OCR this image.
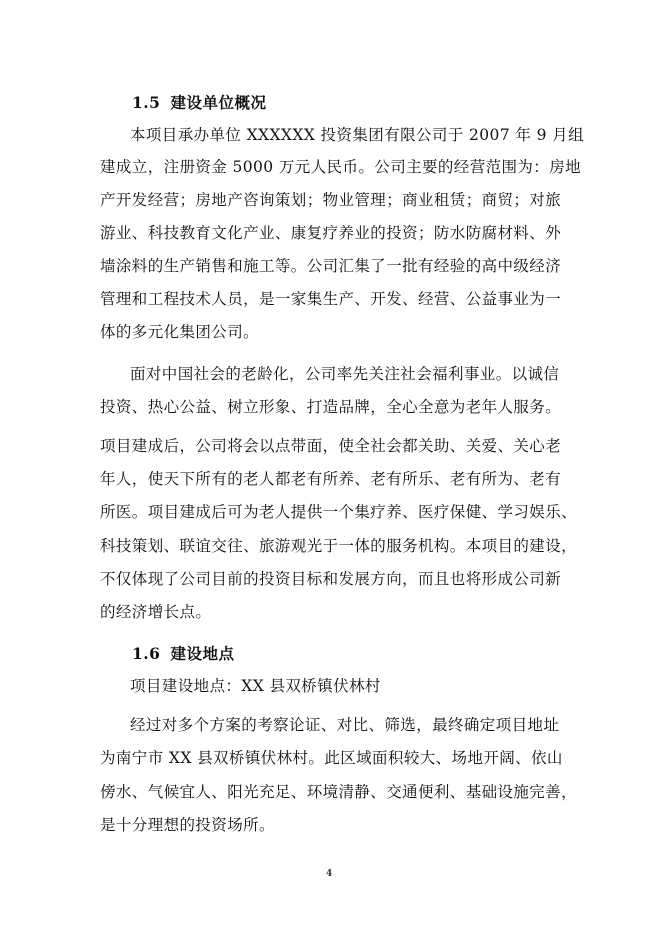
1.5 建设单位概况
本项目承办单位 XXXXXX 投资集团有限公司于 2007 年 9 月组
建成立，注册资金 5000 万元人民币。公司主要的经营范围为：房地
产开发经营；房地产咨询策划；物业管理；商业租赁；商贸；对旅
游业、科技教育文化产业、康复疗养业的投资；防水防腐材料、外
墙涂料的生产销售和施工等。公司汇集了一批有经验的高中级经济
管理和工程技术人员，是一家集生产、开发、经营、公益事业为一
体的多元化集团公司。
面对中国社会的老龄化，公司率先关注社会福利事业。以诚信
投资、热心公益、树立形象、打造品牌，全心全意为老年人服务。
项目建成后，公司将会以点带面，使全社会都关助、关爱、关心老
年人，使天下所有的老人都老有所养、老有所乐、老有所为、老有
所医。项目建成后可为老人提供一个集疗养、医疗保健、学习娱乐、
科技策划、联谊交往、旅游观光于一体的服务机构。本项目的建设，
不仅体现了公司目前的投资目标和发展方向，而且也将形成公司新
的经济增长点。
1.6 建设地点
项目建设地点：XX 县双桥镇伏林村
经过对多个方案的考察论证、对比、筛选，最终确定项目地址
为南宁市 XX 县双桥镇伏林村。此区域面积较大、场地开阔、依山
傍水、气候宜人、阳光充足、环境清静、交通便利、基础设施完善，
是十分理想的投资场所。
4
